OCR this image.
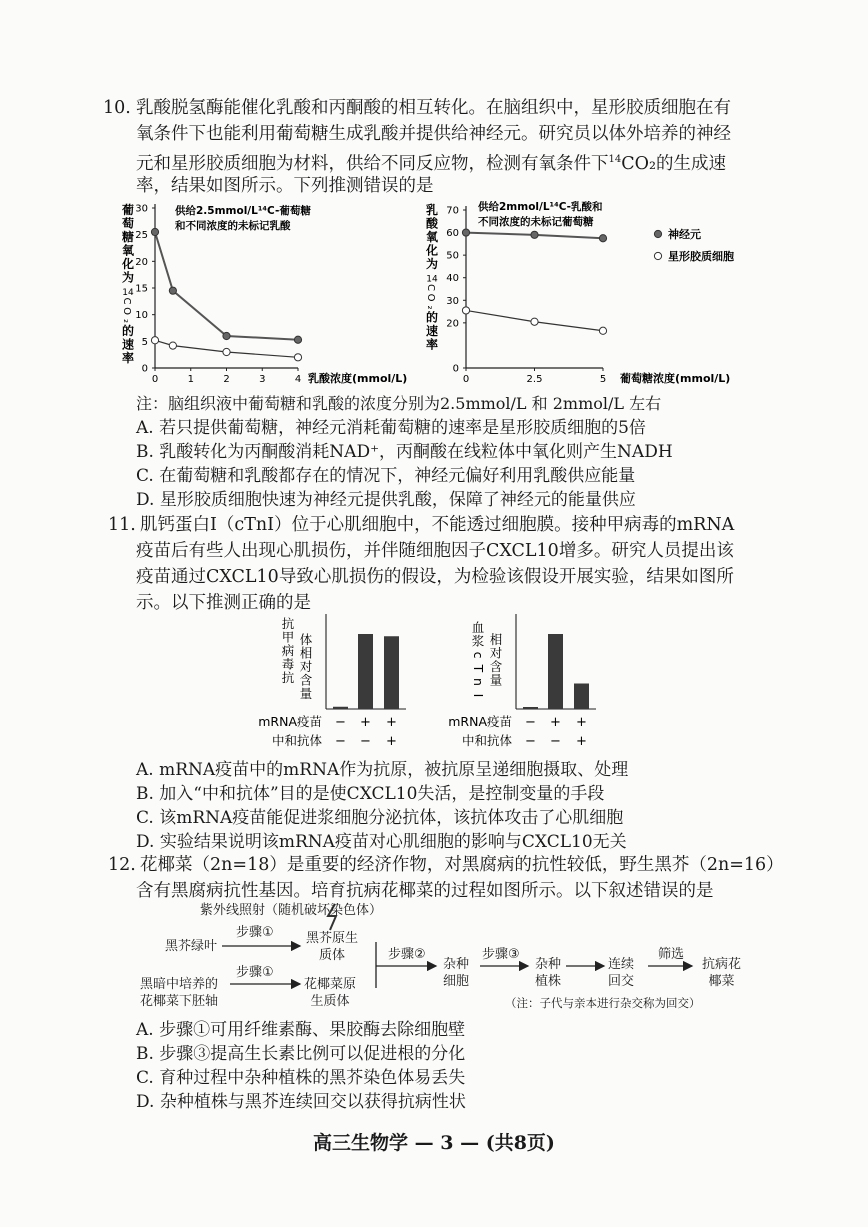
10. 乳酸脱氢酶能催化乳酸和丙酮酸的相互转化。在脑组织中，星形胶质细胞在有
氧条件下也能利用葡萄糖生成乳酸并提供给神经元。研究员以体外培养的神经
元和星形胶质细胞为材料，供给不同反应物，检测有氧条件下$^{14}$CO₂的生成速
率，结果如图所示。下列推测错误的是
0	1	2	3	4
0
5
10
15
20
25
30
乳酸浓度(mmol/L)
葡
萄
糖
氧
化
为
14
C
O
₂
的
速
率
供给2.5mmol/L¹⁴C-葡萄糖
和不同浓度的未标记乳酸
0	2.5	5
0
20
30
40
50
60
70
葡萄糖浓度(mmol/L)
乳
酸
氧
化
为
14
C
O
₂
的
速
率
供给2mmol/L¹⁴C-乳酸和
不同浓度的未标记葡萄糖
神经元
星形胶质细胞
注：脑组织液中葡萄糖和乳酸的浓度分别为2.5mmol/L 和 2mmol/L 左右
A. 若只提供葡萄糖，神经元消耗葡萄糖的速率是星形胶质细胞的5倍
B. 乳酸转化为丙酮酸消耗NAD⁺，丙酮酸在线粒体中氧化则产生NADH
C. 在葡萄糖和乳酸都存在的情况下，神经元偏好利用乳酸供应能量
D. 星形胶质细胞快速为神经元提供乳酸，保障了神经元的能量供应
11. 肌钙蛋白I（cTnI）位于心肌细胞中，不能透过细胞膜。接种甲病毒的mRNA
疫苗后有些人出现心肌损伤，并伴随细胞因子CXCL10增多。研究人员提出该
疫苗通过CXCL10导致心肌损伤的假设，为检验该假设开展实验，结果如图所
示。以下推测正确的是
抗
甲
病
毒
抗
体
相
对
含
量
mRNA疫苗 − + +
中和抗体 − − +
血
浆
c
T
n
I
相
对
含
量
mRNA疫苗 − + +
中和抗体 − − +
A. mRNA疫苗中的mRNA作为抗原，被抗原呈递细胞摄取、处理
B. 加入“中和抗体”目的是使CXCL10失活，是控制变量的手段
C. 该mRNA疫苗能促进浆细胞分泌抗体，该抗体攻击了心肌细胞
D. 实验结果说明该mRNA疫苗对心肌细胞的影响与CXCL10无关
12. 花椰菜（2n=18）是重要的经济作物，对黑腐病的抗性较低，野生黑芥（2n=16）
含有黑腐病抗性基因。培育抗病花椰菜的过程如图所示。以下叙述错误的是
紫外线照射（随机破坏染色体）
黑芥绿叶
步骤① 黑芥原生
质体
黑暗中培养的
花椰菜下胚轴
步骤①
花椰菜原
生质体
步骤②
杂种
细胞
步骤③
杂种
植株
连续
回交
筛选
抗病花
椰菜
（注：子代与亲本进行杂交称为回交）
A. 步骤①可用纤维素酶、果胶酶去除细胞壁
B. 步骤③提高生长素比例可以促进根的分化
C. 育种过程中杂种植株的黑芥染色体易丢失
D. 杂种植株与黑芥连续回交以获得抗病性状
高三生物学 — 3 — (共8页)
